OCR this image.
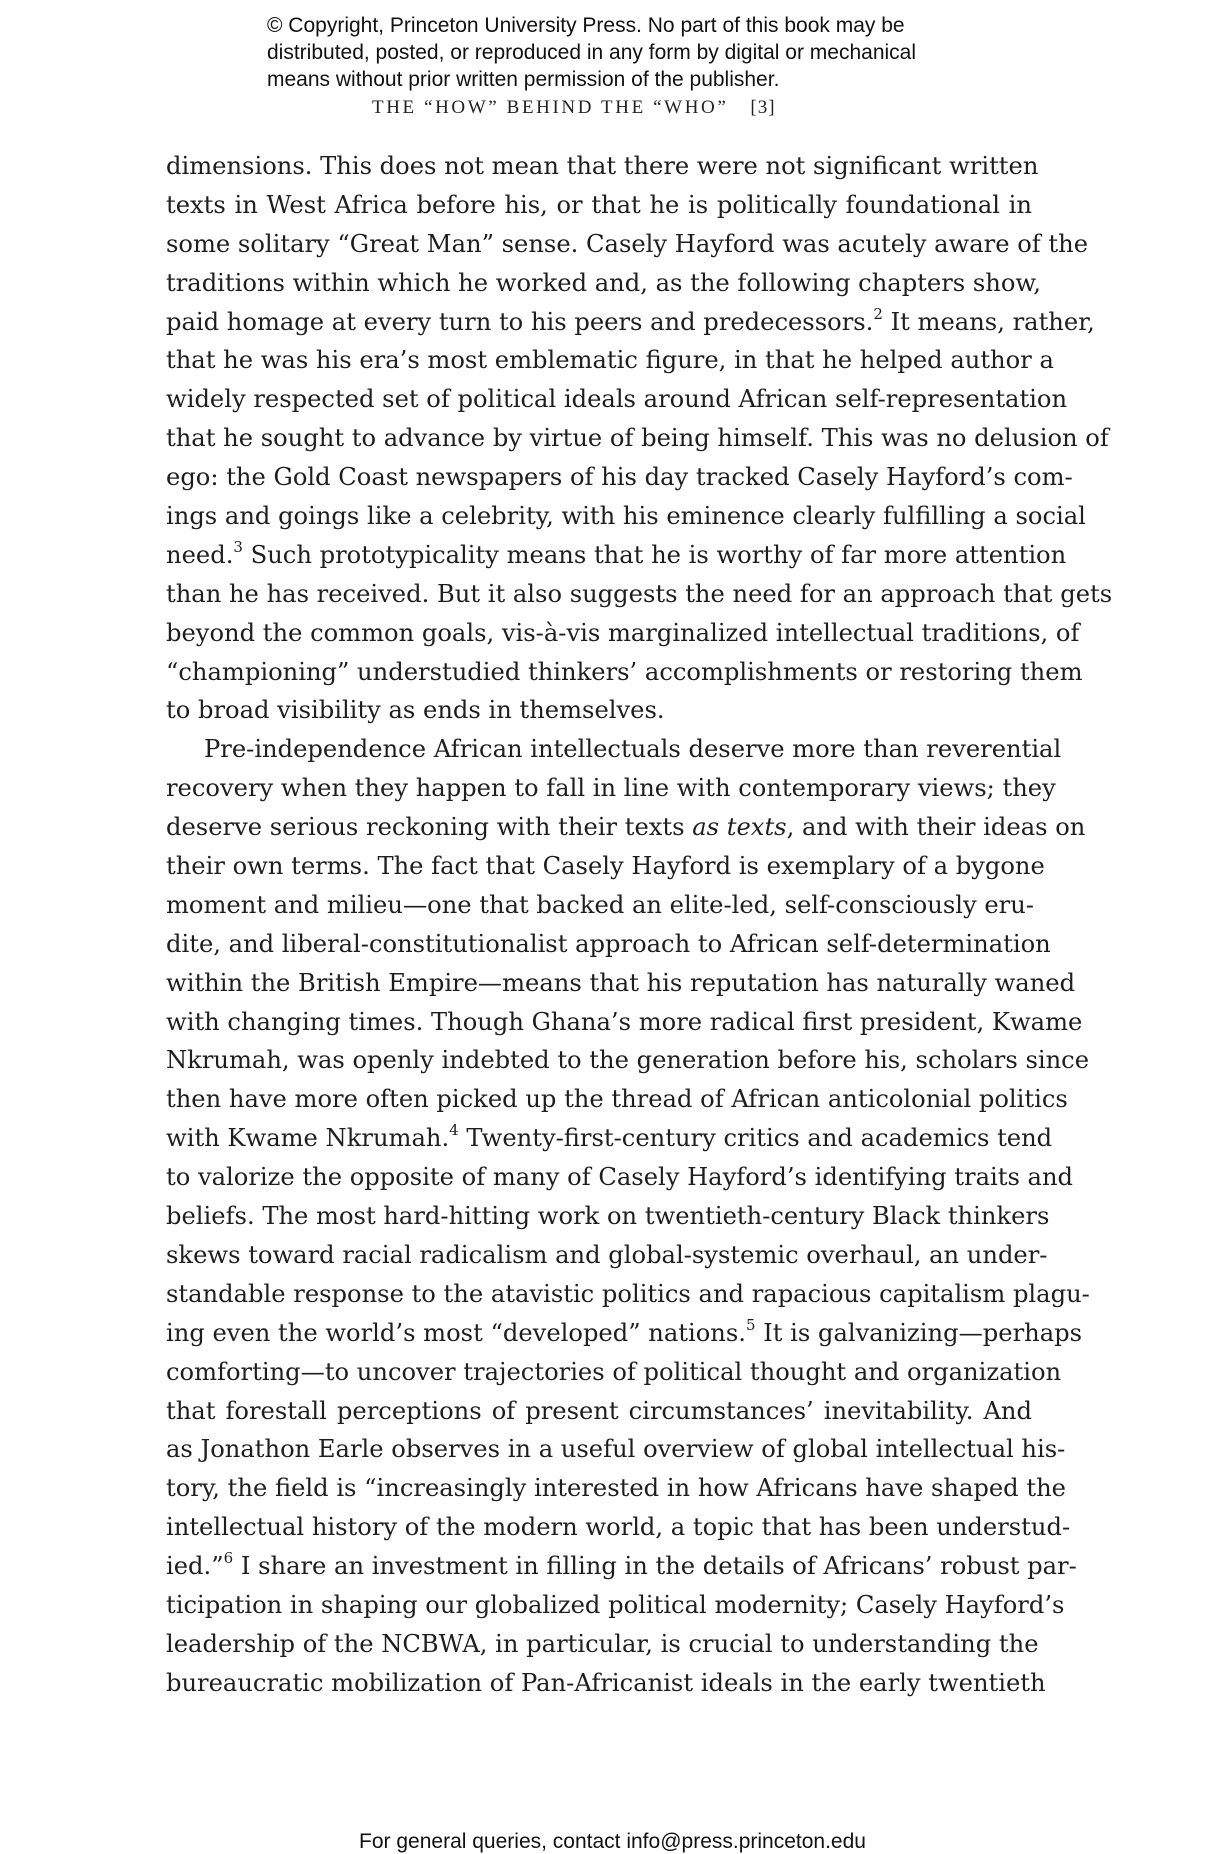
© Copyright, Princeton University Press. No part of this book may be
distributed, posted, or reproduced in any form by digital or mechanical
means without prior written permission of the publisher.
THE “HOW” BEHIND THE “WHO” [3]
dimensions. This does not mean that there were not significant written
texts in West Africa before his, or that he is politically foundational in
some solitary “Great Man” sense. Casely Hayford was acutely aware of the
traditions within which he worked and, as the following chapters show,
paid homage at every turn to his peers and predecessors.$^2$ It means, rather,
that he was his era’s most emblematic figure, in that he helped author a
widely respected set of political ideals around African self-representation
that he sought to advance by virtue of being himself. This was no delusion of
ego: the Gold Coast newspapers of his day tracked Casely Hayford’s com-
ings and goings like a celebrity, with his eminence clearly fulfilling a social
need.$^3$ Such prototypicality means that he is worthy of far more attention
than he has received. But it also suggests the need for an approach that gets
beyond the common goals, vis-à-vis marginalized intellectual traditions, of
“championing” understudied thinkers’ accomplishments or restoring them
to broad visibility as ends in themselves.
Pre-independence African intellectuals deserve more than reverential
recovery when they happen to fall in line with contemporary views; they
deserve serious reckoning with their texts as texts, and with their ideas on
their own terms. The fact that Casely Hayford is exemplary of a bygone
moment and milieu—one that backed an elite-led, self-consciously eru-
dite, and liberal-constitutionalist approach to African self-determination
within the British Empire—means that his reputation has naturally waned
with changing times. Though Ghana’s more radical first president, Kwame
Nkrumah, was openly indebted to the generation before his, scholars since
then have more often picked up the thread of African anticolonial politics
with Kwame Nkrumah.$^4$ Twenty-first-century critics and academics tend
to valorize the opposite of many of Casely Hayford’s identifying traits and
beliefs. The most hard-hitting work on twentieth-century Black thinkers
skews toward racial radicalism and global-systemic overhaul, an under-
standable response to the atavistic politics and rapacious capitalism plagu-
ing even the world’s most “developed” nations.$^5$ It is galvanizing—perhaps
comforting—to uncover trajectories of political thought and organization
that forestall perceptions of present circumstances’ inevitability. And
as Jonathon Earle observes in a useful overview of global intellectual his-
tory, the field is “increasingly interested in how Africans have shaped the
intellectual history of the modern world, a topic that has been understud-
ied.”$^6$ I share an investment in filling in the details of Africans’ robust par-
ticipation in shaping our globalized political modernity; Casely Hayford’s
leadership of the NCBWA, in particular, is crucial to understanding the
bureaucratic mobilization of Pan-Africanist ideals in the early twentieth
For general queries, contact info@press.princeton.edu
